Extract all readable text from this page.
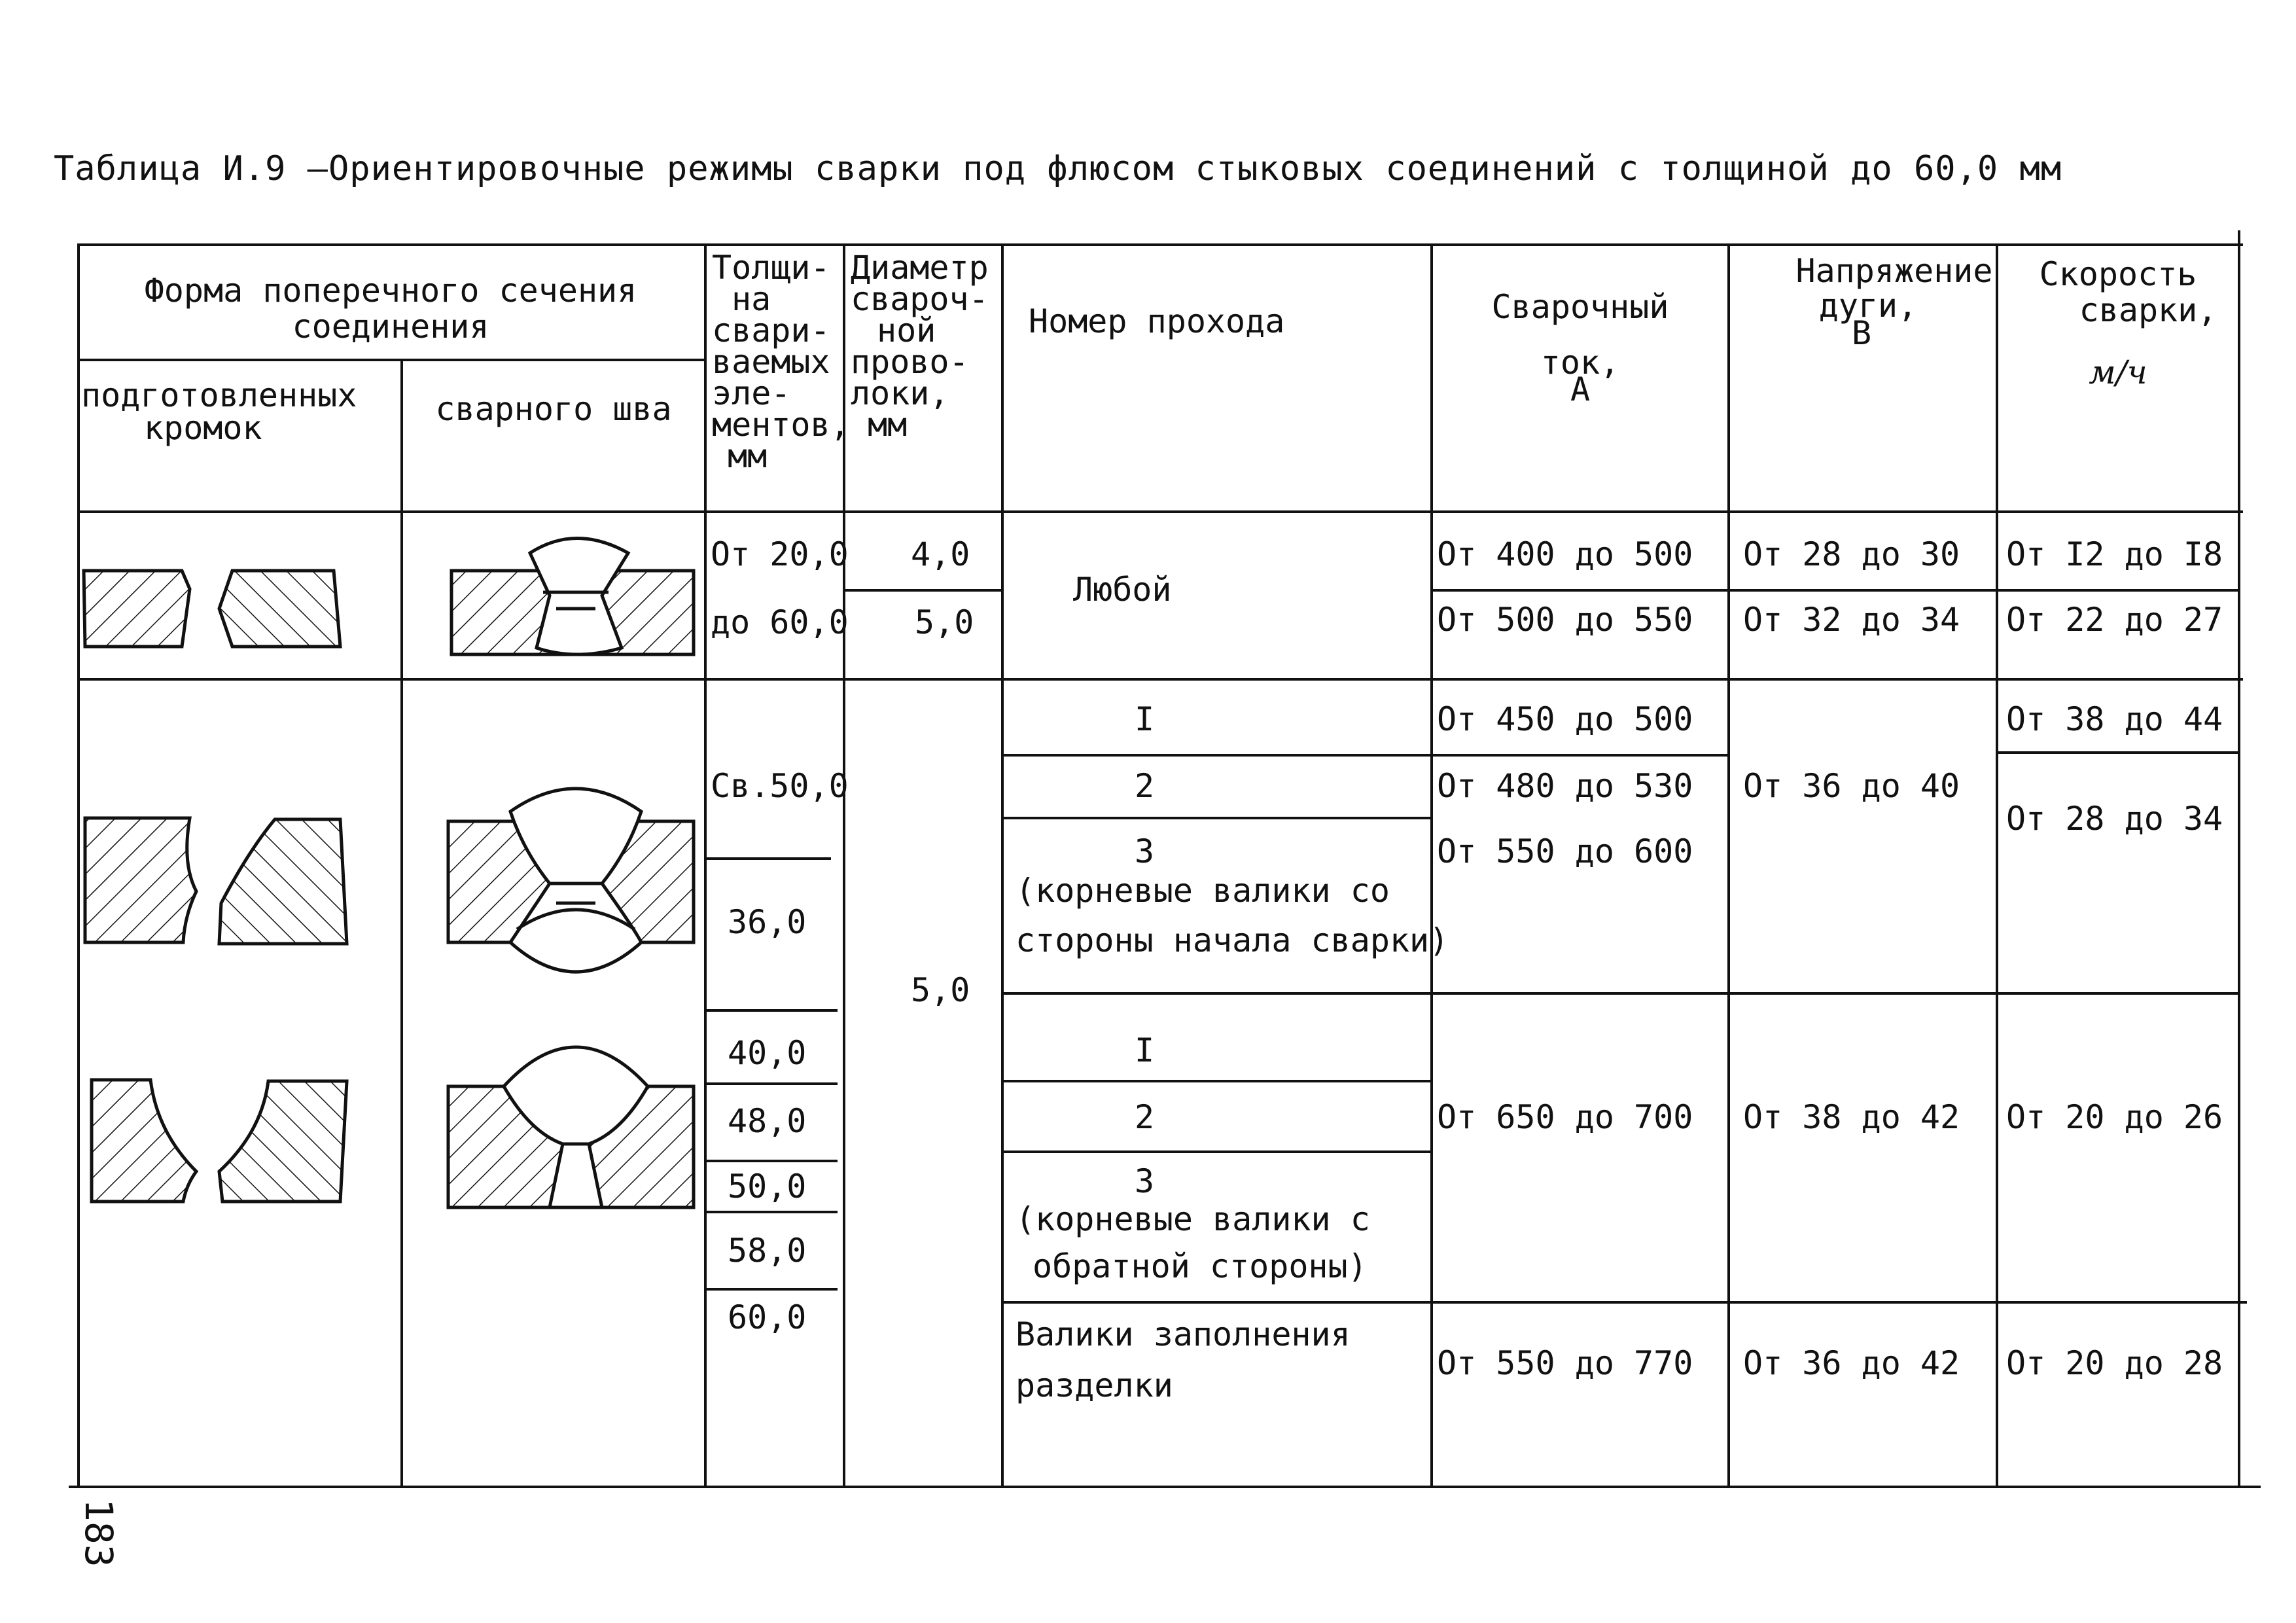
Таблица И.9 –Ориентировочные режимы сварки под флюсом стыковых соединений с толщиной до 60,0 мм
183
Форма поперечного сечения
соединения
подготовленных
кромок	сварного шва
Толщи-
на
свари-
ваемых
эле-
ментов,
мм
Диаметр
свароч-
ной
прово-
локи,
мм
Номер прохода	Сварочный
ток,
А
Напряжение
дуги,
В
Скорость
сварки,
м/ч
От 20,0
до 60,0
4,0
5,0
Любой
От 400 до 500
От 500 до 550
От 28 до 30
От 32 до 34
От I2 до I8
От 22 до 27
Св.50,0
36,0
40,0
48,0
50,0
58,0
60,0
5,0
I
2
3
(корневые валики со
стороны начала сварки)
От 450 до 500
От 480 до 530
От 550 до 600
От 36 до 40
От 38 до 44
От 28 до 34
I
2
3
(корневые валики с
обратной стороны)
От 650 до 700 От 38 до 42 От 20 до 26
Валики заполнения
разделки
От 550 до 770 От 36 до 42 От 20 до 28
